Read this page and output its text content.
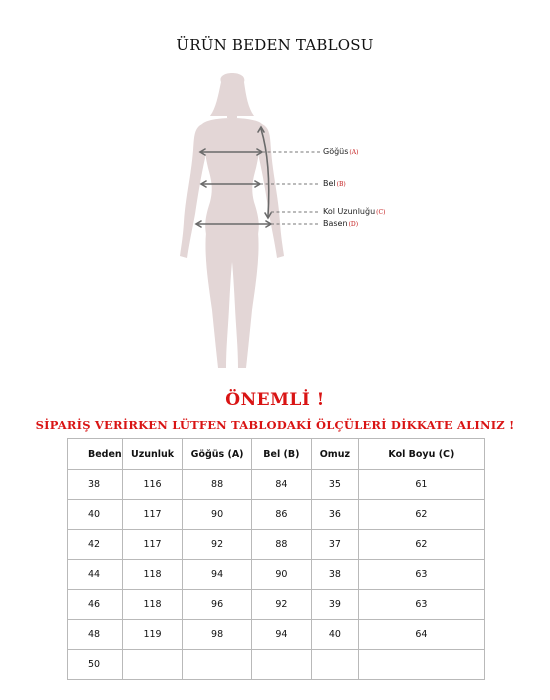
ÜRÜN BEDEN TABLOSU
Göğüs(A)
Bel(B)
Kol Uzunluğu(C)
Basen(D)
ÖNEMLİ !
SİPARİŞ VERİRKEN LÜTFEN TABLODAKİ ÖLÇÜLERİ DİKKATE ALINIZ !
Beden	Uzunluk	Göğüs (A)	Bel (B)	Omuz	Kol Boyu (C)
38	116	88	84	35	61
40	117	90	86	36	62
42	117	92	88	37	62
44	118	94	90	38	63
46	118	96	92	39	63
48	119	98	94	40	64
50					
